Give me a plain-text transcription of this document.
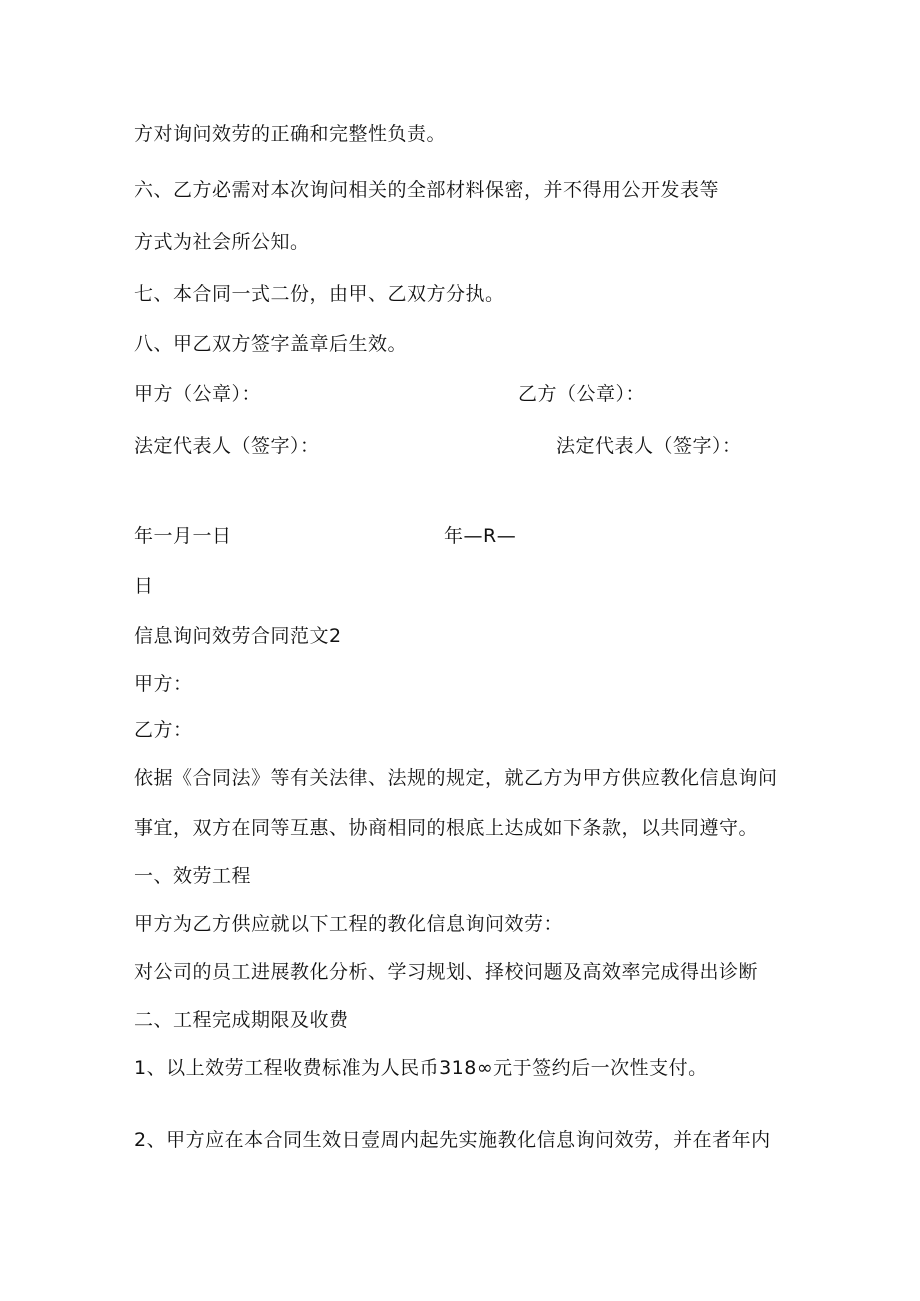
方对询问效劳的正确和完整性负责。
六、乙方必需对本次询问相关的全部材料保密，并不得用公开发表等
方式为社会所公知。
七、本合同一式二份，由甲、乙双方分执。
八、甲乙双方签字盖章后生效。
甲方（公章）：	乙方（公章）：
法定代表人（签字）：	法定代表人（签字）：
年一月一日	年—R—
日
信息询问效劳合同范文2
甲方：
乙方：
依据《合同法》等有关法律、法规的规定，就乙方为甲方供应教化信息询问
事宜，双方在同等互惠、协商相同的根底上达成如下条款，以共同遵守。
一、效劳工程
甲方为乙方供应就以下工程的教化信息询问效劳：
对公司的员工进展教化分析、学习规划、择校问题及高效率完成得出诊断
二、工程完成期限及收费
1、以上效劳工程收费标准为人民币318∞元于签约后一次性支付。
2、甲方应在本合同生效日壹周内起先实施教化信息询问效劳，并在者年内
